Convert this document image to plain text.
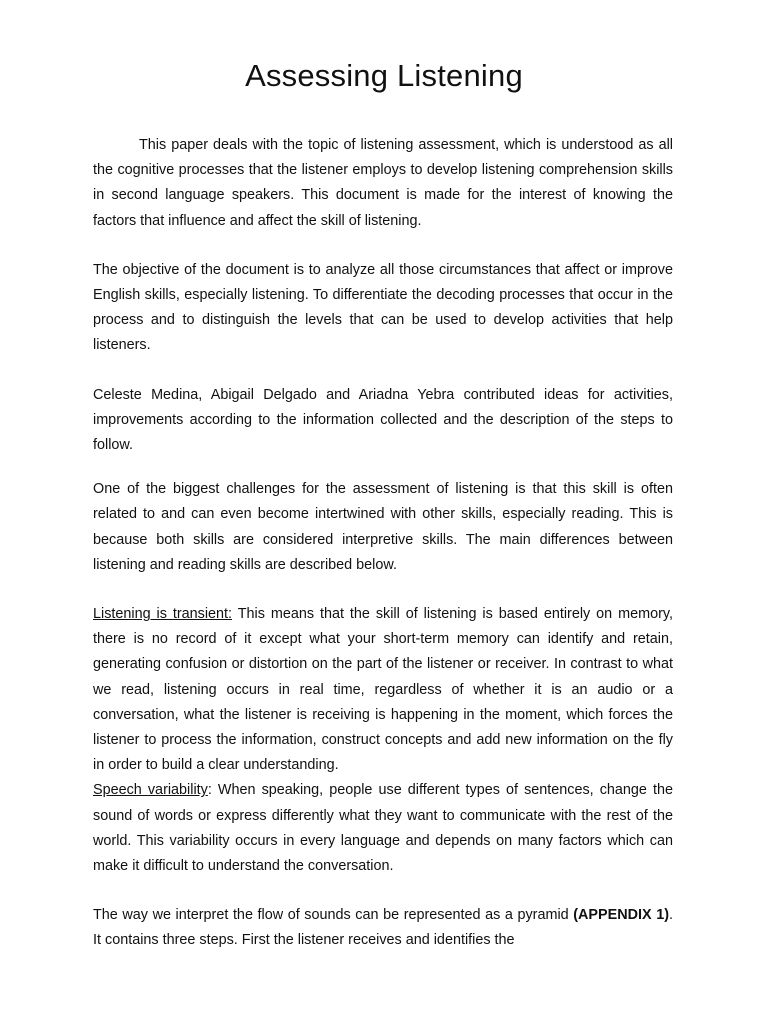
Assessing Listening

This paper deals with the topic of listening assessment, which is understood as all the cognitive processes that the listener employs to develop listening comprehension skills in second language speakers. This document is made for the interest of knowing the factors that influence and affect the skill of listening.

The objective of the document is to analyze all those circumstances that affect or improve English skills, especially listening. To differentiate the decoding processes that occur in the process and to distinguish the levels that can be used to develop activities that help listeners.

Celeste Medina, Abigail Delgado and Ariadna Yebra contributed ideas for activities, improvements according to the information collected and the description of the steps to follow.

One of the biggest challenges for the assessment of listening is that this skill is often related to and can even become intertwined with other skills, especially reading. This is because both skills are considered interpretive skills. The main differences between listening and reading skills are described below.

Listening is transient: This means that the skill of listening is based entirely on memory, there is no record of it except what your short-term memory can identify and retain, generating confusion or distortion on the part of the listener or receiver. In contrast to what we read, listening occurs in real time, regardless of whether it is an audio or a conversation, what the listener is receiving is happening in the moment, which forces the listener to process the information, construct concepts and add new information on the fly in order to build a clear understanding.

Speech variability: When speaking, people use different types of sentences, change the sound of words or express differently what they want to communicate with the rest of the world. This variability occurs in every language and depends on many factors which can make it difficult to understand the conversation.

The way we interpret the flow of sounds can be represented as a pyramid (APPENDIX 1). It contains three steps. First the listener receives and identifies the
